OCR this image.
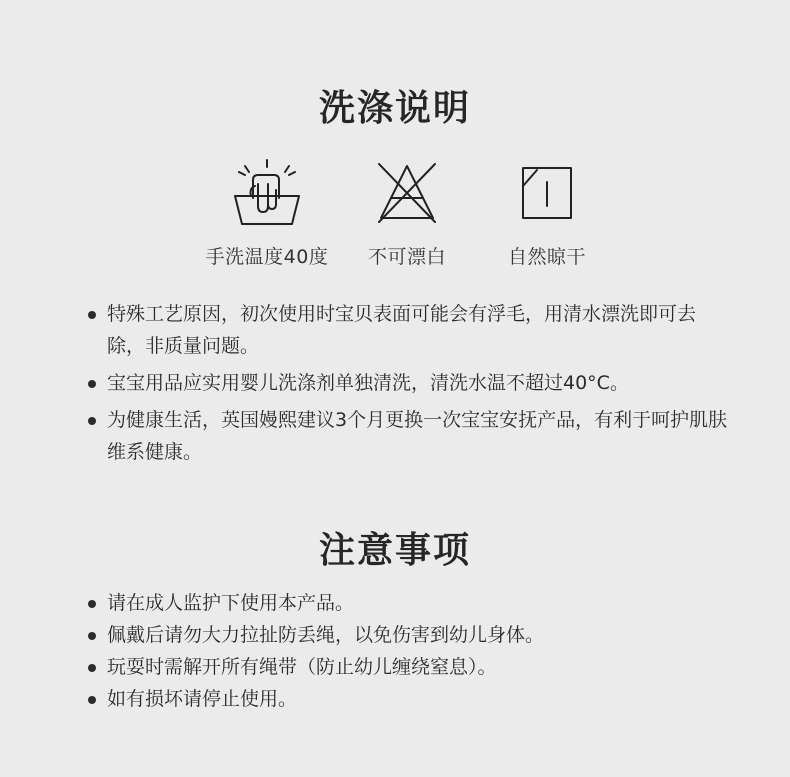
洗涤说明
手洗温度40度	不可漂白	自然晾干
特殊工艺原因，初次使用时宝贝表面可能会有浮毛，用清水漂洗即可去除，非质量问题。
宝宝用品应实用婴儿洗涤剂单独清洗，清洗水温不超过40°C。
为健康生活，英国嫚熙建议3个月更换一次宝宝安抚产品，有利于呵护肌肤维系健康。
注意事项
请在成人监护下使用本产品。
佩戴后请勿大力拉扯防丢绳，以免伤害到幼儿身体。
玩耍时需解开所有绳带（防止幼儿缠绕窒息）。
如有损坏请停止使用。
